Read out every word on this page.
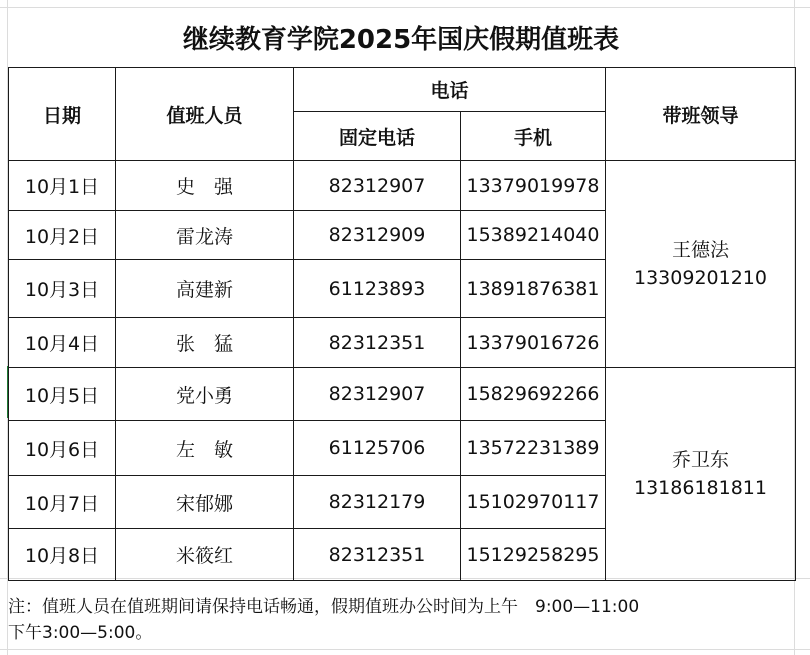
继续教育学院2025年国庆假期值班表
日期	值班人员	电话		带班领导
		固定电话	手机	
10月1日	史　强	82312907	13379019978	王德法
13309201210

10月2日	雷龙涛	82312909	15389214040	
10月3日	高建新	61123893	13891876381	
10月4日	张　猛	82312351	13379016726	
10月5日	党小勇	82312907	15829692266	乔卫东
13186181811

10月6日	左　敏	61125706	13572231389	
10月7日	宋郁娜	82312179	15102970117	
10月8日	米筱红	82312351	15129258295	
注：值班人员在值班期间请保持电话畅通，假期值班办公时间为上午　9:00—11:00
下午3:00—5:00。
